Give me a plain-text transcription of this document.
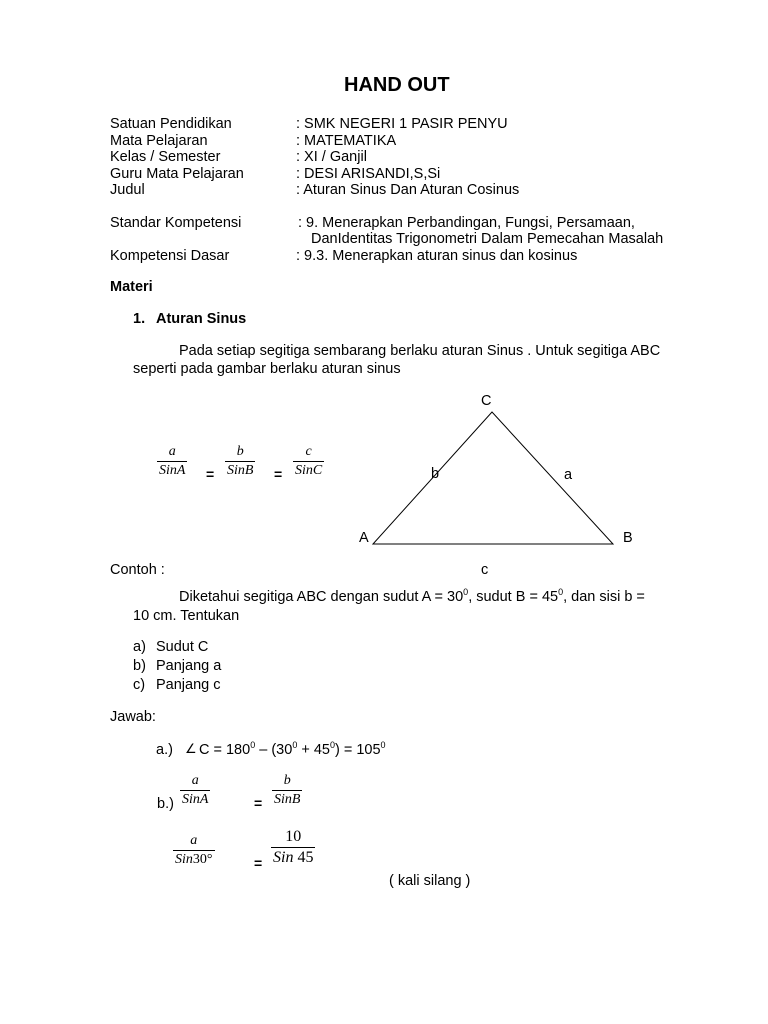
HAND OUT
Satuan Pendidikan	: SMK NEGERI 1 PASIR PENYU
Mata Pelajaran	: MATEMATIKA
Kelas / Semester	: XI / Ganjil
Guru Mata Pelajaran	: DESI ARISANDI,S,Si
Judul	: Aturan Sinus Dan Aturan Cosinus
Standar Kompetensi	: 9. Menerapkan Perbandingan, Fungsi, Persamaan,
DanIdentitas Trigonometri Dalam Pemecahan Masalah
Kompetensi Dasar	: 9.3. Menerapkan aturan sinus dan kosinus
Materi
1. Aturan Sinus
Pada setiap segitiga sembarang berlaku aturan Sinus . Untuk segitiga ABC
seperti pada gambar berlaku aturan sinus
a
SinA =
b
SinB =
c
SinC
C
A	B
a
b
c
Contoh :
Diketahui segitiga ABC dengan sudut $A = 30^0$, sudut $B = 45^0$, dan sisi b =
10 cm. Tentukan
a) Sudut C
b) Panjang a
c) Panjang c
Jawab:
a.) ∠ $C = 180^0 - (30^0 + 45^0) = 105^0$
a
SinA
b.)	=
b
SinB
a
Sin30°	=
10
Sin 45
( kali silang )
